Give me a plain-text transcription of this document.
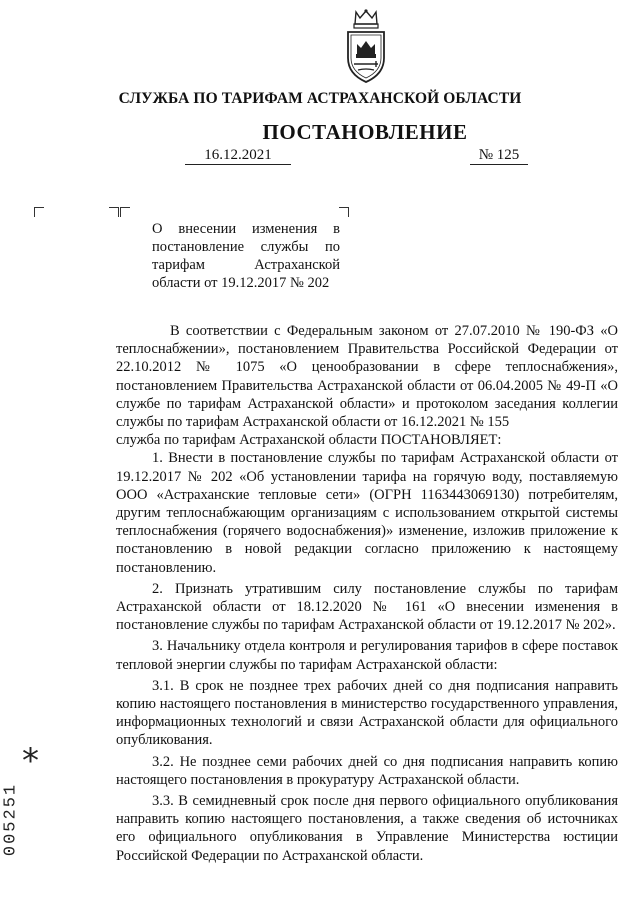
СЛУЖБА ПО ТАРИФАМ АСТРАХАНСКОЙ ОБЛАСТИ
ПОСТАНОВЛЕНИЕ
16.12.2021	№ 125
О внесении изменения в
постановление службы по
тарифам Астраханской
области от 19.12.2017 № 202

В соответствии с Федеральным законом от 27.07.2010 № 190-ФЗ «О теплоснабжении», постановлением Правительства Российской Федерации от 22.10.2012 № 1075 «О ценообразовании в сфере теплоснабжения», постановлением Правительства Астраханской области от 06.04.2005 № 49-П «О службе по тарифам Астраханской области» и протоколом заседания коллегии службы по тарифам Астраханской области от 16.12.2021 № 155

служба по тарифам Астраханской области ПОСТАНОВЛЯЕТ:

1. Внести в постановление службы по тарифам Астраханской области от 19.12.2017 № 202 «Об установлении тарифа на горячую воду, поставляемую ООО «Астраханские тепловые сети» (ОГРН 1163443069130) потребителям, другим теплоснабжающим организациям с использованием открытой системы теплоснабжения (горячего водоснабжения)» изменение, изложив приложение к постановлению в новой редакции согласно приложению к настоящему постановлению.

2. Признать утратившим силу постановление службы по тарифам Астраханской области от 18.12.2020 № 161 «О внесении изменения в постановление службы по тарифам Астраханской области от 19.12.2017 № 202».

3. Начальнику отдела контроля и регулирования тарифов в сфере поставок тепловой энергии службы по тарифам Астраханской области:

3.1. В срок не позднее трех рабочих дней со дня подписания направить копию настоящего постановления в министерство государственного управления, информационных технологий и связи Астраханской области для официального опубликования.

3.2. Не позднее семи рабочих дней со дня подписания направить копию настоящего постановления в прокуратуру Астраханской области.

3.3. В семидневный срок после дня первого официального опубликования направить копию настоящего постановления, а также сведения об источниках его официального опубликования в Управление Министерства юстиции Российской Федерации по Астраханской области.

*
005251
